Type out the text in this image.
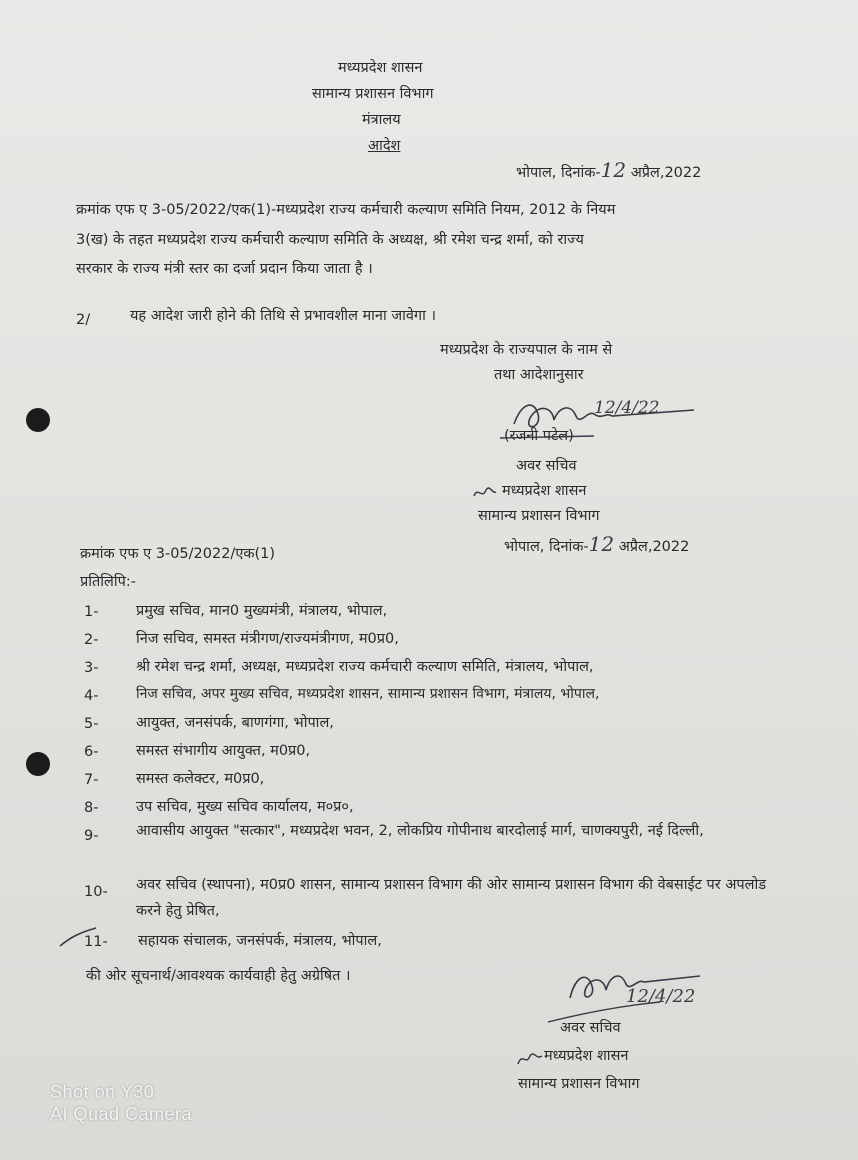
मध्यप्रदेश शासन
सामान्य प्रशासन विभाग
मंत्रालय
आदेश
भोपाल, दिनांक-12 अप्रैल,2022
क्रमांक एफ ए 3-05/2022/एक(1)-मध्यप्रदेश राज्य कर्मचारी कल्याण समिति नियम, 2012 के नियम
3(ख) के तहत मध्यप्रदेश राज्य कर्मचारी कल्याण समिति के अध्यक्ष, श्री रमेश चन्द्र शर्मा, को राज्य
सरकार के राज्य मंत्री स्तर का दर्जा प्रदान किया जाता है ।
2/	यह आदेश जारी होने की तिथि से प्रभावशील माना जावेगा ।
मध्यप्रदेश के राज्यपाल के नाम से
तथा आदेशानुसार
12/4/22
(रजनी पटेल)
अवर सचिव
मध्यप्रदेश शासन
सामान्य प्रशासन विभाग
क्रमांक एफ ए 3-05/2022/एक(1)	भोपाल, दिनांक-12 अप्रैल,2022
प्रतिलिपि:-
1-	प्रमुख सचिव, मान0 मुख्यमंत्री, मंत्रालय, भोपाल,
2-	निज सचिव, समस्त मंत्रीगण/राज्यमंत्रीगण, म0प्र0,
3-	श्री रमेश चन्द्र शर्मा, अध्यक्ष, मध्यप्रदेश राज्य कर्मचारी कल्याण समिति, मंत्रालय, भोपाल,
4-	निज सचिव, अपर मुख्य सचिव, मध्यप्रदेश शासन, सामान्य प्रशासन विभाग, मंत्रालय, भोपाल,
5-	आयुक्त, जनसंपर्क, बाणगंगा, भोपाल,
6-	समस्त संभागीय आयुक्त, म0प्र0,
7-	समस्त कलेक्टर, म0प्र0,
8-	उप सचिव, मुख्य सचिव कार्यालय, म०प्र०,
9-	आवासीय आयुक्त "सत्कार", मध्यप्रदेश भवन, 2, लोकप्रिय गोपीनाथ बारदोलाई मार्ग, चाणक्यपुरी, नई दिल्ली,
10- अवर सचिव (स्थापना), म0प्र0 शासन, सामान्य प्रशासन विभाग की ओर सामान्य प्रशासन विभाग की वेबसाईट पर अपलोड करने हेतु प्रेषित,
11- सहायक संचालक, जनसंपर्क, मंत्रालय, भोपाल,
की ओर सूचनार्थ/आवश्यक कार्यवाही हेतु अग्रेषित ।
12/4/22
अवर सचिव
मध्यप्रदेश शासन
सामान्य प्रशासन विभाग
Shot on Y30
AI Quad Camera
